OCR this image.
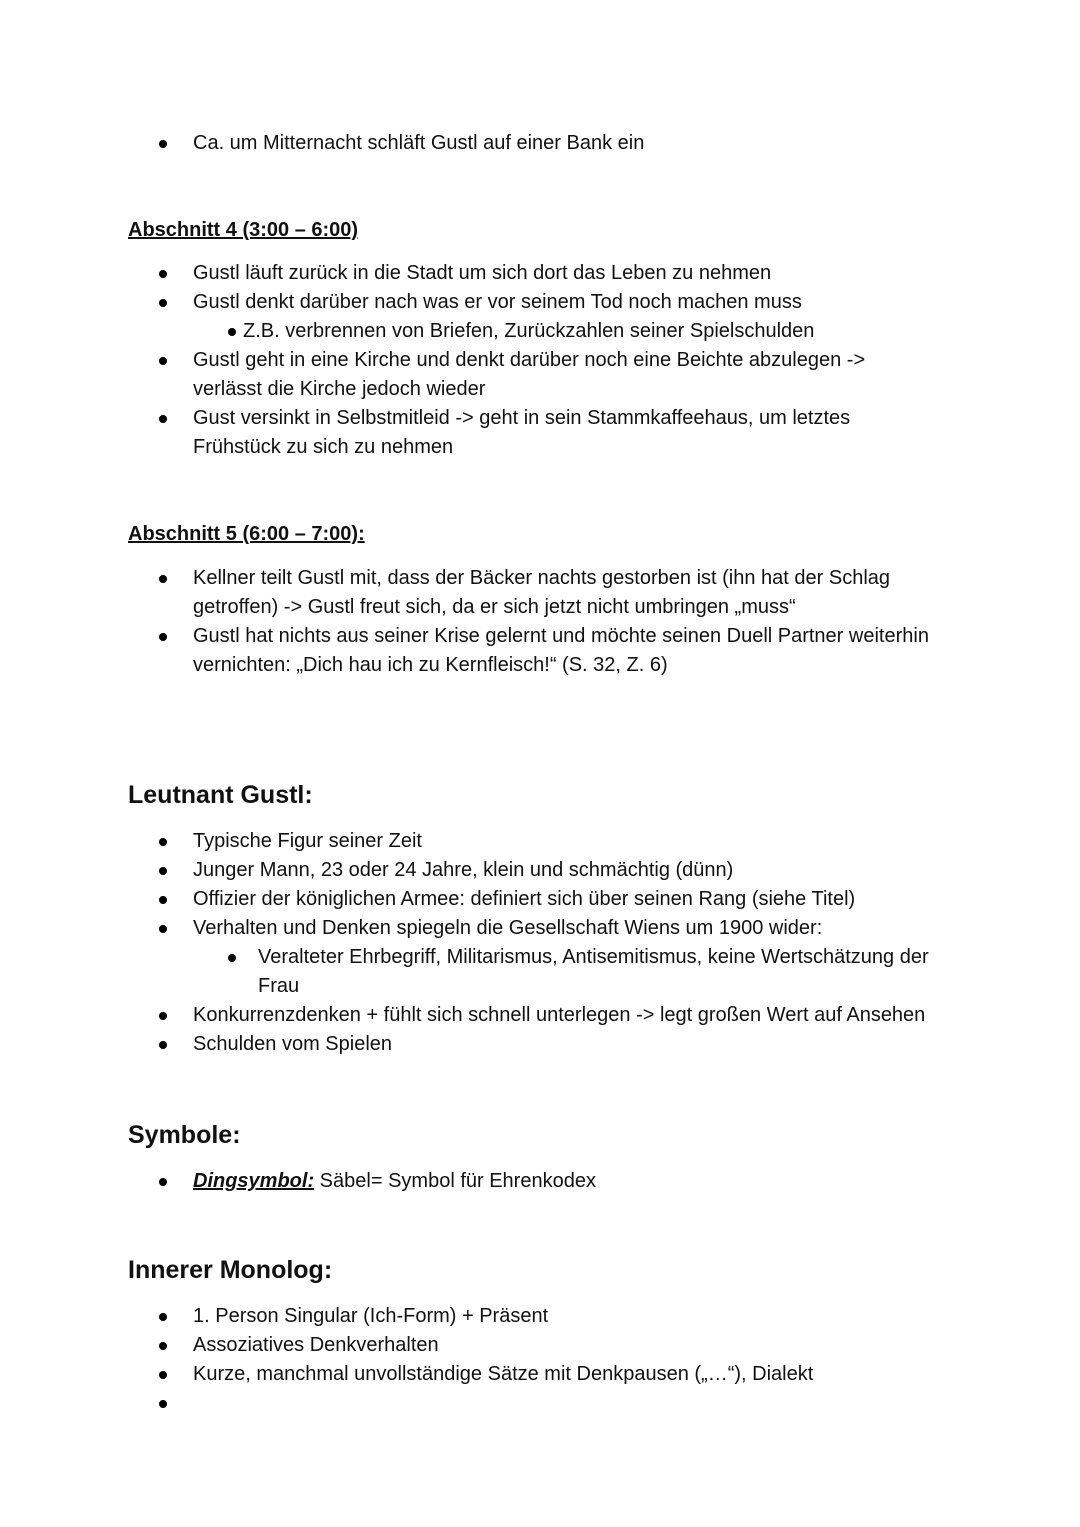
Ca. um Mitternacht schläft Gustl auf einer Bank ein
Abschnitt 4 (3:00 – 6:00)
Gustl läuft zurück in die Stadt um sich dort das Leben zu nehmen
Gustl denkt darüber nach was er vor seinem Tod noch machen muss
Z.B. verbrennen von Briefen, Zurückzahlen seiner Spielschulden
Gustl geht in eine Kirche und denkt darüber noch eine Beichte abzulegen -> verlässt die Kirche jedoch wieder
Gust versinkt in Selbstmitleid -> geht in sein Stammkaffeehaus, um letztes Frühstück zu sich zu nehmen
Abschnitt 5 (6:00 – 7:00):
Kellner teilt Gustl mit, dass der Bäcker nachts gestorben ist (ihn hat der Schlag getroffen) -> Gustl freut sich, da er sich jetzt nicht umbringen „muss“
Gustl hat nichts aus seiner Krise gelernt und möchte seinen Duell Partner weiterhin vernichten: „Dich hau ich zu Kernfleisch!“ (S. 32, Z. 6)
Leutnant Gustl:
Typische Figur seiner Zeit
Junger Mann, 23 oder 24 Jahre, klein und schmächtig (dünn)
Offizier der königlichen Armee: definiert sich über seinen Rang (siehe Titel)
Verhalten und Denken spiegeln die Gesellschaft Wiens um 1900 wider:
Veralteter Ehrbegriff, Militarismus, Antisemitismus, keine Wertschätzung der Frau
Konkurrenzdenken + fühlt sich schnell unterlegen -> legt großen Wert auf Ansehen
Schulden vom Spielen
Symbole:
Dingsymbol: Säbel= Symbol für Ehrenkodex
Innerer Monolog:
1. Person Singular (Ich-Form) + Präsent
Assoziatives Denkverhalten
Kurze, manchmal unvollständige Sätze mit Denkpausen („…“), Dialekt
